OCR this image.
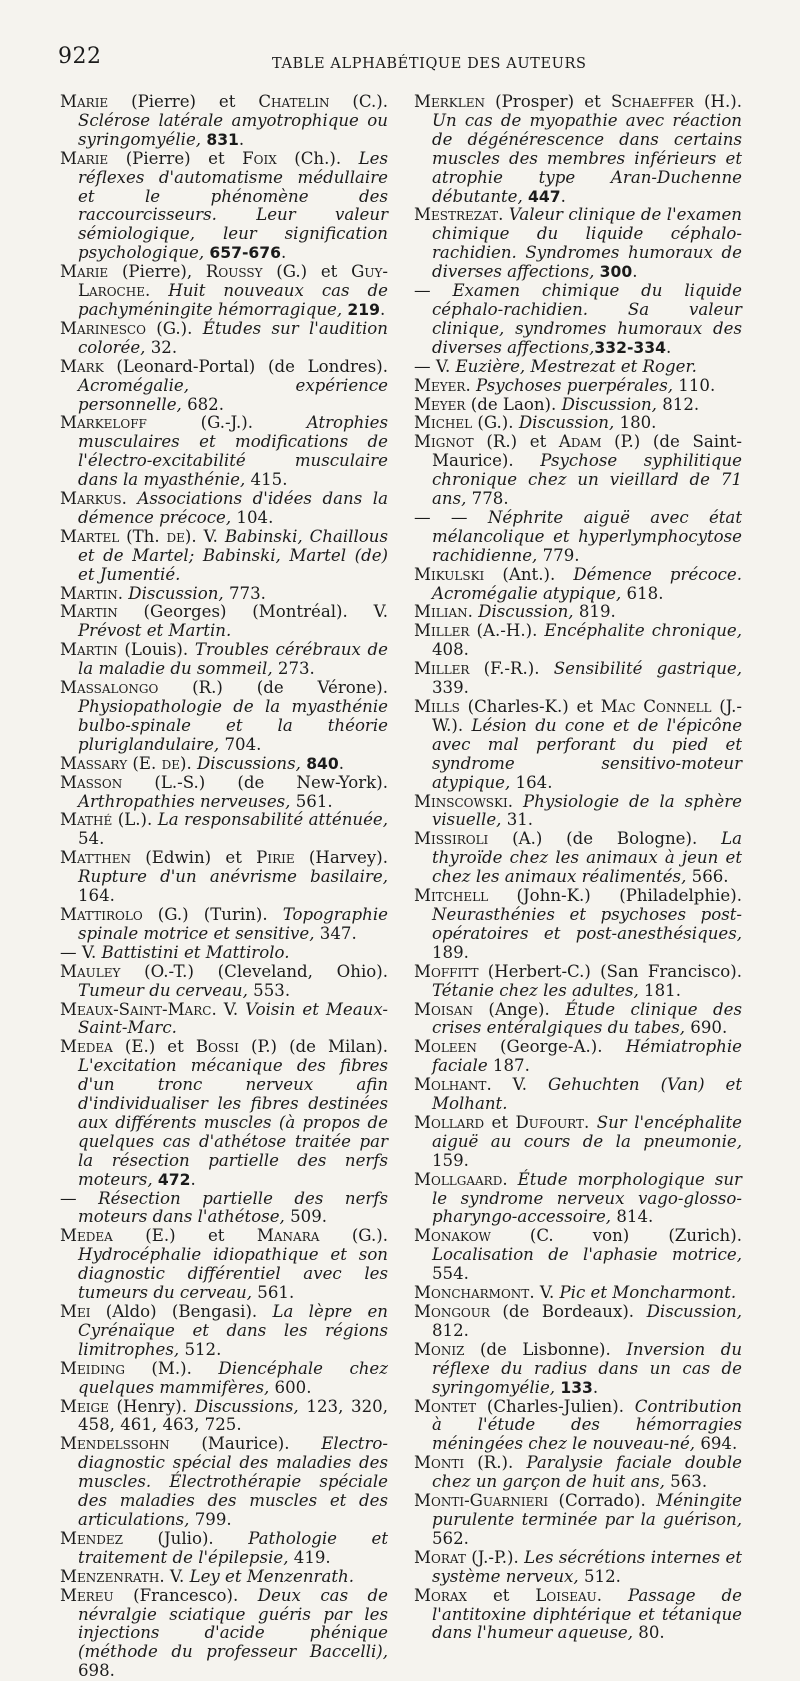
922	TABLE ALPHABÉTIQUE DES AUTEURS

Marie (Pierre) et Chatelin (C.). Sclérose latérale amyotrophique ou syringomyélie, 831.

Marie (Pierre) et Foix (Ch.). Les réflexes d'automatisme médullaire et le phénomène des raccourcisseurs. Leur valeur sémiologique, leur signification psychologique, 657-676.

Marie (Pierre), Roussy (G.) et Guy-Laroche. Huit nouveaux cas de pachyméningite hémorragique, 219.

Marinesco (G.). Études sur l'audition colorée, 32.

Mark (Leonard-Portal) (de Londres). Acromégalie, expérience personnelle, 682.

Markeloff (G.-J.). Atrophies musculaires et modifications de l'électro-excitabilité musculaire dans la myasthénie, 415.

Markus. Associations d'idées dans la démence précoce, 104.

Martel (Th. de). V. Babinski, Chaillous et de Martel; Babinski, Martel (de) et Jumentié.

Martin. Discussion, 773.

Martin (Georges) (Montréal). V. Prévost et Martin.

Martin (Louis). Troubles cérébraux de la maladie du sommeil, 273.

Massalongo (R.) (de Vérone). Physiopathologie de la myasthénie bulbo-spinale et la théorie pluriglandulaire, 704.

Massary (E. de). Discussions, 840.

Masson (L.-S.) (de New-York). Arthropathies nerveuses, 561.

Mathé (L.). La responsabilité atténuée, 54.

Matthen (Edwin) et Pirie (Harvey). Rupture d'un anévrisme basilaire, 164.

Mattirolo (G.) (Turin). Topographie spinale motrice et sensitive, 347.

— V. Battistini et Mattirolo.

Mauley (O.-T.) (Cleveland, Ohio). Tumeur du cerveau, 553.

Meaux-Saint-Marc. V. Voisin et Meaux-Saint-Marc.

Medea (E.) et Bossi (P.) (de Milan). L'excitation mécanique des fibres d'un tronc nerveux afin d'individualiser les fibres destinées aux différents muscles (à propos de quelques cas d'athétose traitée par la résection partielle des nerfs moteurs, 472.

— Résection partielle des nerfs moteurs dans l'athétose, 509.

Medea (E.) et Manara (G.). Hydrocéphalie idiopathique et son diagnostic différentiel avec les tumeurs du cerveau, 561.

Mei (Aldo) (Bengasi). La lèpre en Cyrénaïque et dans les régions limitrophes, 512.

Meiding (M.). Diencéphale chez quelques mammifères, 600.

Meige (Henry). Discussions, 123, 320, 458, 461, 463, 725.

Mendelssohn (Maurice). Electro-diagnostic spécial des maladies des muscles. Électrothérapie spéciale des maladies des muscles et des articulations, 799.

Mendez (Julio). Pathologie et traitement de l'épilepsie, 419.

Menzenrath. V. Ley et Menzenrath.

Mereu (Francesco). Deux cas de névralgie sciatique guéris par les injections d'acide phénique (méthode du professeur Baccelli), 698.

Merklen (Prosper) et Schaeffer (H.). Un cas de myopathie avec réaction de dégénérescence dans certains muscles des membres inférieurs et atrophie type Aran-Duchenne débutante, 447.

Mestrezat. Valeur clinique de l'examen chimique du liquide céphalo-rachidien. Syndromes humoraux de diverses affections, 300.

— Examen chimique du liquide céphalo-rachidien. Sa valeur clinique, syndromes humoraux des diverses affections,332-334.

— V. Euzière, Mestrezat et Roger.

Meyer. Psychoses puerpérales, 110.

Meyer (de Laon). Discussion, 812.

Michel (G.). Discussion, 180.

Mignot (R.) et Adam (P.) (de Saint-Maurice). Psychose syphilitique chronique chez un vieillard de 71 ans, 778.

— — Néphrite aiguë avec état mélancolique et hyperlymphocytose rachidienne, 779.

Mikulski (Ant.). Démence précoce. Acromégalie atypique, 618.

Milian. Discussion, 819.

Miller (A.-H.). Encéphalite chronique, 408.

Miller (F.-R.). Sensibilité gastrique, 339.

Mills (Charles-K.) et Mac Connell (J.-W.). Lésion du cone et de l'épicône avec mal perforant du pied et syndrome sensitivo-moteur atypique, 164.

Minscowski. Physiologie de la sphère visuelle, 31.

Missiroli (A.) (de Bologne). La thyroïde chez les animaux à jeun et chez les animaux réalimentés, 566.

Mitchell (John-K.) (Philadelphie). Neurasthénies et psychoses post-opératoires et post-anesthésiques, 189.

Moffitt (Herbert-C.) (San Francisco). Tétanie chez les adultes, 181.

Moisan (Ange). Étude clinique des crises entéralgiques du tabes, 690.

Moleen (George-A.). Hémiatrophie faciale 187.

Molhant. V. Gehuchten (Van) et Molhant.

Mollard et Dufourt. Sur l'encéphalite aiguë au cours de la pneumonie, 159.

Mollgaard. Étude morphologique sur le syndrome nerveux vago-glosso-pharyngo-accessoire, 814.

Monakow (C. von) (Zurich). Localisation de l'aphasie motrice, 554.

Moncharmont. V. Pic et Moncharmont.

Mongour (de Bordeaux). Discussion, 812.

Moniz (de Lisbonne). Inversion du réflexe du radius dans un cas de syringomyélie, 133.

Montet (Charles-Julien). Contribution à l'étude des hémorragies méningées chez le nouveau-né, 694.

Monti (R.). Paralysie faciale double chez un garçon de huit ans, 563.

Monti-Guarnieri (Corrado). Méningite purulente terminée par la guérison, 562.

Morat (J.-P.). Les sécrétions internes et système nerveux, 512.

Morax et Loiseau. Passage de l'antitoxine diphtérique et tétanique dans l'humeur aqueuse, 80.
